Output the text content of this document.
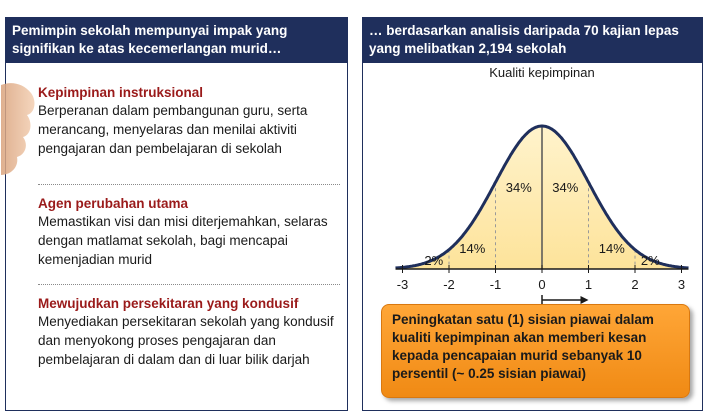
Pemimpin sekolah mempunyai impak yang signifikan ke atas kecemerlangan murid…
Kepimpinan instruksional
Berperanan dalam pembangunan guru, serta merancang, menyelaras dan menilai aktiviti pengajaran dan pembelajaran di sekolah
Agen perubahan utama
Memastikan visi dan misi diterjemahkan, selaras dengan matlamat sekolah, bagi mencapai kemenjadian murid
Mewujudkan persekitaran yang kondusif
Menyediakan persekitaran sekolah yang kondusif dan menyokong proses pengajaran dan pembelajaran di dalam dan di luar bilik darjah
… berdasarkan analisis daripada 70 kajian lepas yang melibatkan 2,194 sekolah
-3	-2	-1	0	1	2	3
2%
14%
34% 34%
14%
2%
Kualiti kepimpinan
Peningkatan satu (1) sisian piawai dalam kualiti kepimpinan akan memberi kesan kepada pencapaian murid sebanyak 10 persentil (~ 0.25 sisian piawai)
